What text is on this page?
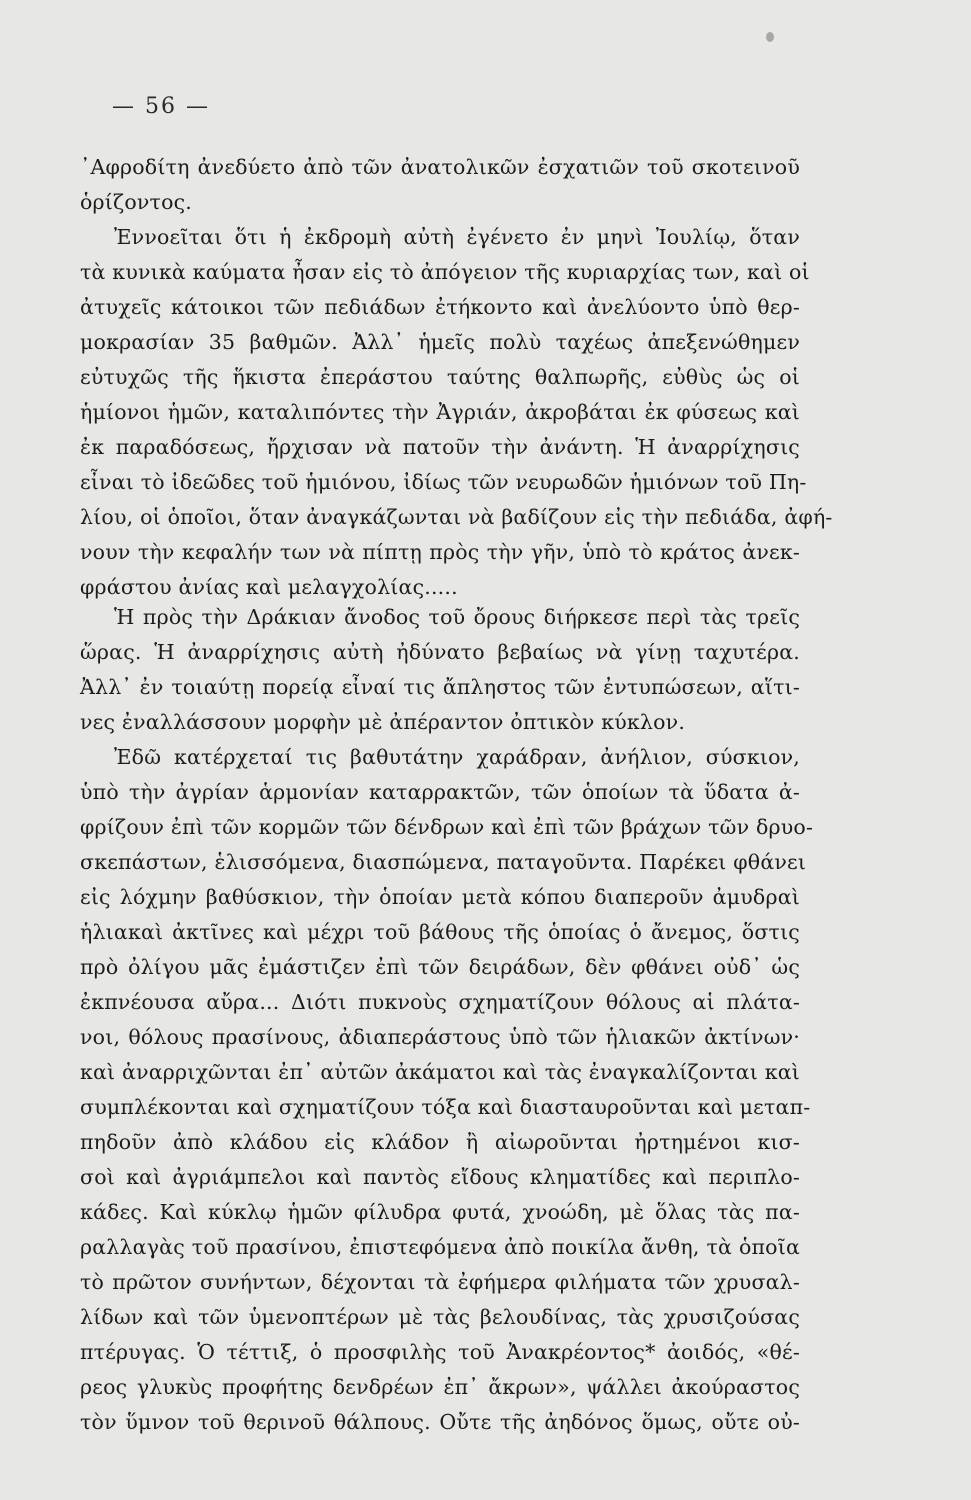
— 56 —
᾿Αφροδίτη ἀνεδύετο ἀπὸ τῶν ἀνατολικῶν ἐσχατιῶν τοῦ σκοτεινοῦ
ὁρίζοντος.
Ἐννοεῖται ὅτι ἡ ἐκδρομὴ αὐτὴ ἐγένετο ἐν μηνὶ Ἰουλίῳ, ὅταν
τὰ κυνικὰ καύματα ἦσαν εἰς τὸ ἀπόγειον τῆς κυριαρχίας των, καὶ οἱ
ἀτυχεῖς κάτοικοι τῶν πεδιάδων ἐτήκοντο καὶ ἀνελύοντο ὑπὸ θερ-
μοκρασίαν 35 βαθμῶν. Ἀλλ᾿ ἡμεῖς πολὺ ταχέως ἀπεξενώθημεν
εὐτυχῶς τῆς ἥκιστα ἐπεράστου ταύτης θαλπωρῆς, εὐθὺς ὡς οἱ
ἡμίονοι ἡμῶν, καταλιπόντες τὴν Ἀγριάν, ἀκροβάται ἐκ φύσεως καὶ
ἐκ παραδόσεως, ἤρχισαν νὰ πατοῦν τὴν ἀνάντη. Ἡ ἀναρρίχησις
εἶναι τὸ ἰδεῶδες τοῦ ἡμιόνου, ἰδίως τῶν νευρωδῶν ἡμιόνων τοῦ Πη-
λίου, οἱ ὁποῖοι, ὅταν ἀναγκάζωνται νὰ βαδίζουν εἰς τὴν πεδιάδα, ἀφή-
νουν τὴν κεφαλήν των νὰ πίπτῃ πρὸς τὴν γῆν, ὑπὸ τὸ κράτος ἀνεκ-
φράστου ἀνίας καὶ μελαγχολίας.....
Ἡ πρὸς τὴν Δράκιαν ἄνοδος τοῦ ὄρους διήρκεσε περὶ τὰς τρεῖς
ὥρας. Ἡ ἀναρρίχησις αὐτὴ ἠδύνατο βεβαίως νὰ γίνῃ ταχυτέρα.
Ἀλλ᾿ ἐν τοιαύτῃ πορείᾳ εἶναί τις ἄπληστος τῶν ἐντυπώσεων, αἵτι-
νες ἐναλλάσσουν μορφὴν μὲ ἀπέραντον ὀπτικὸν κύκλον.
Ἐδῶ κατέρχεταί τις βαθυτάτην χαράδραν, ἀνήλιον, σύσκιον,
ὑπὸ τὴν ἀγρίαν ἁρμονίαν καταρρακτῶν, τῶν ὁποίων τὰ ὕδατα ἀ-
φρίζουν ἐπὶ τῶν κορμῶν τῶν δένδρων καὶ ἐπὶ τῶν βράχων τῶν δρυο-
σκεπάστων, ἑλισσόμενα, διασπώμενα, παταγοῦντα. Παρέκει φθάνει
εἰς λόχμην βαθύσκιον, τὴν ὁποίαν μετὰ κόπου διαπεροῦν ἀμυδραὶ
ἡλιακαὶ ἀκτῖνες καὶ μέχρι τοῦ βάθους τῆς ὁποίας ὁ ἄνεμος, ὅστις
πρὸ ὀλίγου μᾶς ἐμάστιζεν ἐπὶ τῶν δειράδων, δὲν φθάνει οὐδ᾿ ὡς
ἐκπνέουσα αὔρα... Διότι πυκνοὺς σχηματίζουν θόλους αἱ πλάτα-
νοι, θόλους πρασίνους, ἀδιαπεράστους ὑπὸ τῶν ἡλιακῶν ἀκτίνων·
καὶ ἀναρριχῶνται ἐπ᾿ αὐτῶν ἀκάματοι καὶ τὰς ἐναγκαλίζονται καὶ
συμπλέκονται καὶ σχηματίζουν τόξα καὶ διασταυροῦνται καὶ μεταπ-
πηδοῦν ἀπὸ κλάδου εἰς κλάδον ἢ αἰωροῦνται ἠρτημένοι κισ-
σοὶ καὶ ἀγριάμπελοι καὶ παντὸς εἴδους κληματίδες καὶ περιπλο-
κάδες. Καὶ κύκλῳ ἡμῶν φίλυδρα φυτά, χνοώδη, μὲ ὅλας τὰς πα-
ραλλαγὰς τοῦ πρασίνου, ἐπιστεφόμενα ἀπὸ ποικίλα ἄνθη, τὰ ὁποῖα
τὸ πρῶτον συνήντων, δέχονται τὰ ἐφήμερα φιλήματα τῶν χρυσαλ-
λίδων καὶ τῶν ὑμενοπτέρων μὲ τὰς βελουδίνας, τὰς χρυσιζούσας
πτέρυγας. Ὁ τέττιξ, ὁ προσφιλὴς τοῦ Ἀνακρέοντος* ἀοιδός, «θέ-
ρεος γλυκὺς προφήτης δενδρέων ἐπ᾿ ἄκρων», ψάλλει ἀκούραστος
τὸν ὕμνον τοῦ θερινοῦ θάλπους. Οὔτε τῆς ἀηδόνος ὅμως, οὔτε οὐ-
